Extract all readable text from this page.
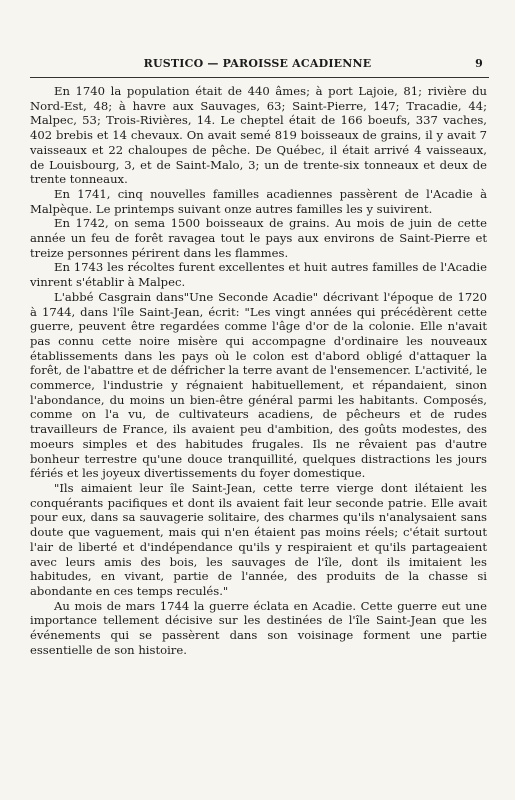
RUSTICO — PAROISSE ACADIENNE	9

En 1740 la population était de 440 âmes; à port Lajoie, 81; rivière du Nord-Est, 48; à havre aux Sauvages, 63; Saint-Pierre, 147; Tracadie, 44; Malpec, 53; Trois-Rivières, 14. Le cheptel était de 166 boeufs, 337 vaches, 402 brebis et 14 chevaux. On avait semé 819 boisseaux de grains, il y avait 7 vaisseaux et 22 chaloupes de pêche. De Québec, il était arrivé 4 vaisseaux, de Louisbourg, 3, et de Saint-Malo, 3; un de trente-six tonneaux et deux de trente tonneaux.

En 1741, cinq nouvelles familles acadiennes passèrent de l'Acadie à Malpèque. Le printemps suivant onze autres familles les y suivirent.

En 1742, on sema 1500 boisseaux de grains. Au mois de juin de cette année un feu de forêt ravagea tout le pays aux environs de Saint-Pierre et treize personnes périrent dans les flammes.

En 1743 les récoltes furent excellentes et huit autres familles de l'Acadie vinrent s'établir à Malpec.

L'abbé Casgrain dans"Une Seconde Acadie" décrivant l'époque de 1720 à 1744, dans l'île Saint-Jean, écrit: "Les vingt années qui précédèrent cette guerre, peuvent être regardées comme l'âge d'or de la colonie. Elle n'avait pas connu cette noire misère qui accompagne d'ordinaire les nouveaux établissements dans les pays où le colon est d'abord obligé d'attaquer la forêt, de l'abattre et de défricher la terre avant de l'ensemencer. L'activité, le commerce, l'industrie y régnaient habituellement, et répandaient, sinon l'abondance, du moins un bien-être général parmi les habitants. Composés, comme on l'a vu, de cultivateurs acadiens, de pêcheurs et de rudes travailleurs de France, ils avaient peu d'ambition, des goûts modestes, des moeurs simples et des habitudes frugales. Ils ne rêvaient pas d'autre bonheur terrestre qu'une douce tranquillité, quelques distractions les jours fériés et les joyeux divertissements du foyer domestique.

"Ils aimaient leur île Saint-Jean, cette terre vierge dont ilétaient les conquérants pacifiques et dont ils avaient fait leur seconde patrie. Elle avait pour eux, dans sa sauvagerie solitaire, des charmes qu'ils n'analysaient sans doute que vaguement, mais qui n'en étaient pas moins réels; c'était surtout l'air de liberté et d'indépendance qu'ils y respiraient et qu'ils partageaient avec leurs amis des bois, les sauvages de l'île, dont ils imitaient les habitudes, en vivant, partie de l'année, des produits de la chasse si abondante en ces temps reculés."

Au mois de mars 1744 la guerre éclata en Acadie. Cette guerre eut une importance tellement décisive sur les destinées de l'île Saint-Jean que les événements qui se passèrent dans son voisinage forment une partie essentielle de son histoire.
